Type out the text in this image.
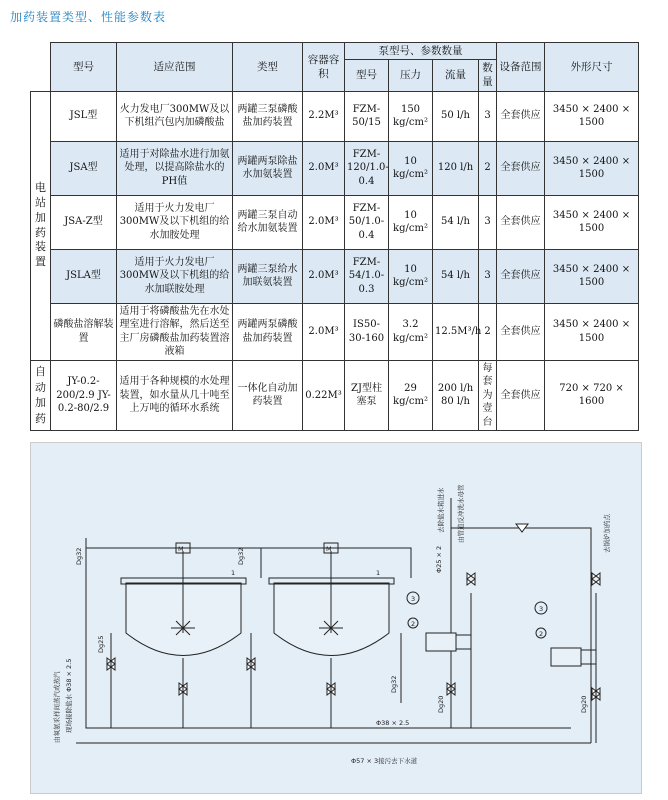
加药装置类型、性能参数表
	型号	适应范围	类型	容器容积	泵型号、参数数量				设备范围	外形尺寸
					型号	压力	流量	数量		
电站加药装置	JSL型	火力发电厂300MW及以下机组汽包内加磷酸盐	两罐三泵磷酸盐加药装置	2.2M³	FZM-50/15	150 kg/cm²	50 l/h	3	全套供应	3450 × 2400 × 1500
	JSA型	适用于对除盐水进行加氨处理，以提高除盐水的PH值	两罐两泵除盐水加氨装置	2.0M³	FZM-120/1.0-0.4	10 kg/cm²	120 l/h	2	全套供应	3450 × 2400 × 1500
	JSA-Z型	适用于火力发电厂300MW及以下机组的给水加胺处理	两罐三泵自动给水加氨装置	2.0M³	FZM-50/1.0-0.4	10 kg/cm²	54 l/h	3	全套供应	3450 × 2400 × 1500
	JSLA型	适用于火力发电厂300MW及以下机组的给水加联胺处理	两罐三泵给水加联氨装置	2.0M³	FZM-54/1.0-0.3	10 kg/cm²	54 l/h	3	全套供应	3450 × 2400 × 1500
	磷酸盐溶解装置	适用于将磷酸盐先在水处理室进行溶解，然后送至主厂房磷酸盐加药装置溶液箱	两罐两泵磷酸盐加药装置	2.0M³	IS50-30-160	3.2 kg/cm²	12.5M³/h	2	全套供应	3450 × 2400 × 1500
自动加药	JY-0.2-200/2.9 JY-0.2-80/2.9	适用于各种规模的水处理装置，如水量从几十吨至上万吨的循环水系统	一体化自动加药装置	0.22M³	ZJ型柱塞泵	29 kg/cm²	200 l/h 80 l/h	每套为壹台	全套供应	720 × 720 × 1600
Dg32	Dg32
Dg25
Dg32
Dg20	Dg20
M	M
1	1
3
2
3
2
现场接除盐水 Φ38 × 2.5
由氧氨采样间蒸汽或蒸汽
去除盐水箱进水 由管道反冲洗水母管	去锅炉加药点
Φ25 × 2
Φ38 × 2.5
Φ57 × 3接污去下水道
